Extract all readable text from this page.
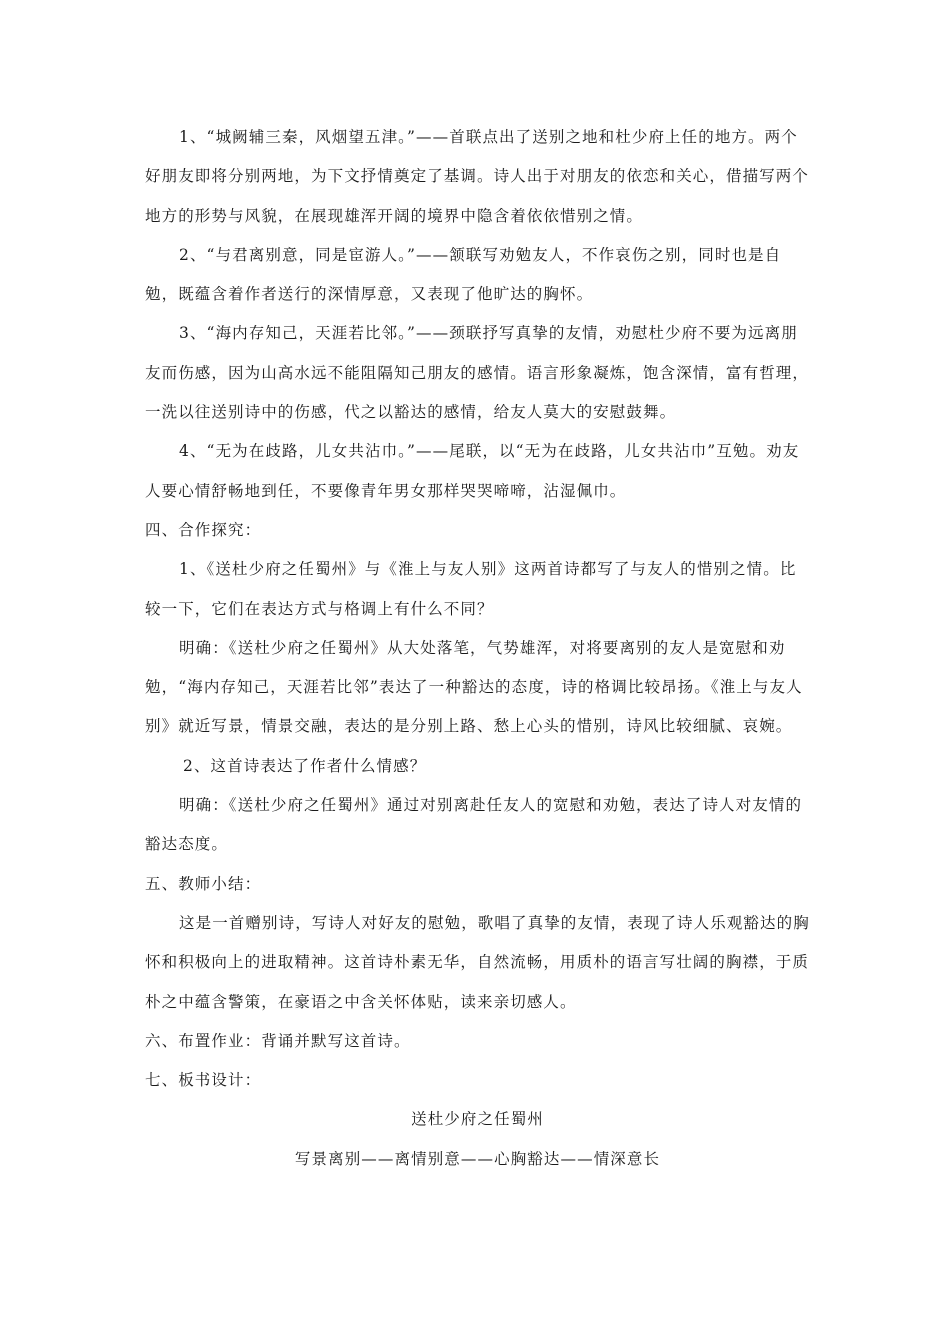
1、“城阙辅三秦，风烟望五津。”——首联点出了送别之地和杜少府上任的地方。两个好朋友即将分别两地，为下文抒情奠定了基调。诗人出于对朋友的依恋和关心，借描写两个地方的形势与风貌，在展现雄浑开阔的境界中隐含着依依惜别之情。

2、“与君离别意，同是宦游人。”——颔联写劝勉友人，不作哀伤之别，同时也是自勉，既蕴含着作者送行的深情厚意，又表现了他旷达的胸怀。

3、“海内存知己，天涯若比邻。”——颈联抒写真挚的友情，劝慰杜少府不要为远离朋友而伤感，因为山高水远不能阻隔知己朋友的感情。语言形象凝炼，饱含深情，富有哲理，一洗以往送别诗中的伤感，代之以豁达的感情，给友人莫大的安慰鼓舞。

4、“无为在歧路，儿女共沾巾。”——尾联，以“无为在歧路，儿女共沾巾”互勉。劝友人要心情舒畅地到任，不要像青年男女那样哭哭啼啼，沾湿佩巾。

四、合作探究：

1、《送杜少府之任蜀州》与《淮上与友人别》这两首诗都写了与友人的惜别之情。比较一下，它们在表达方式与格调上有什么不同？

明确：《送杜少府之任蜀州》从大处落笔，气势雄浑，对将要离别的友人是宽慰和劝勉，“海内存知己，天涯若比邻”表达了一种豁达的态度，诗的格调比较昂扬。《淮上与友人别》就近写景，情景交融，表达的是分别上路、愁上心头的惜别，诗风比较细腻、哀婉。

2、这首诗表达了作者什么情感？

明确：《送杜少府之任蜀州》通过对别离赴任友人的宽慰和劝勉，表达了诗人对友情的豁达态度。

五、教师小结：

这是一首赠别诗，写诗人对好友的慰勉，歌唱了真挚的友情，表现了诗人乐观豁达的胸怀和积极向上的进取精神。这首诗朴素无华，自然流畅，用质朴的语言写壮阔的胸襟，于质朴之中蕴含警策，在豪语之中含关怀体贴，读来亲切感人。

六、布置作业：背诵并默写这首诗。

七、板书设计：

送杜少府之任蜀州

写景离别——离情别意——心胸豁达——情深意长
